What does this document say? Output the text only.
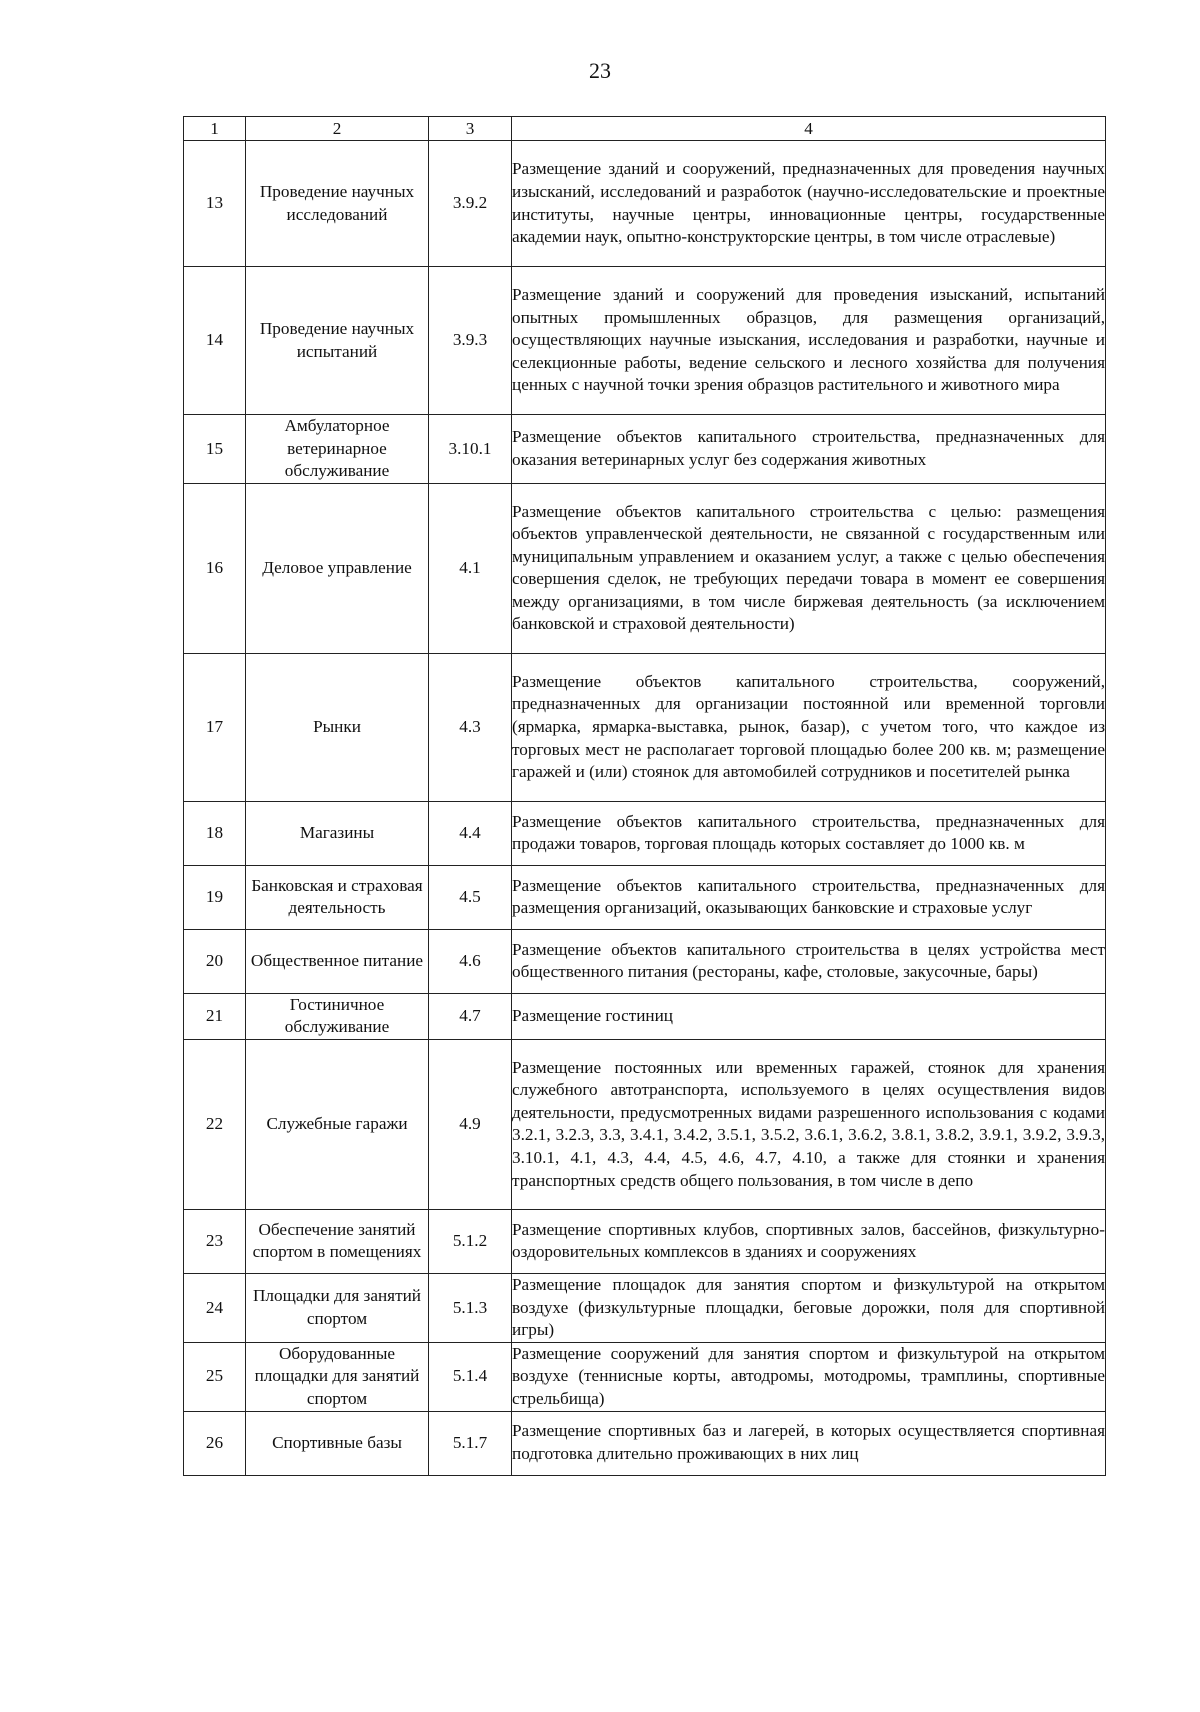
23
1	2	3	4
13	Проведение научных исследований	3.9.2	Размещение зданий и сооружений, предназначенных для проведения научных изысканий, исследований и разработок (научно-исследовательские и проектные институты, научные центры, инновационные центры, государственные академии наук, опытно-конструкторские центры, в том числе отраслевые)
14	Проведение научных испытаний	3.9.3	Размещение зданий и сооружений для проведения изысканий, испытаний опытных промышленных образцов, для размещения организаций, осуществляющих научные изыскания, исследования и разработки, научные и селекционные работы, ведение сельского и лесного хозяйства для получения ценных с научной точки зрения образцов растительного и животного мира
15	Амбулаторное ветеринарное обслуживание	3.10.1	Размещение объектов капитального строительства, предназначенных для оказания ветеринарных услуг без содержания животных
16	Деловое управление	4.1	Размещение объектов капитального строительства с целью: размещения объектов управленческой деятельности, не связанной с государственным или муниципальным управлением и оказанием услуг, а также с целью обеспечения совершения сделок, не требующих передачи товара в момент ее совершения между организациями, в том числе биржевая деятельность (за исключением банковской и страховой деятельности)
17	Рынки	4.3	Размещение объектов капитального строительства, сооружений, предназначенных для организации постоянной или временной торговли (ярмарка, ярмарка-выставка, рынок, базар), с учетом того, что каждое из торговых мест не располагает торговой площадью более 200 кв. м; размещение гаражей и (или) стоянок для автомобилей сотрудников и посетителей рынка
18	Магазины	4.4	Размещение объектов капитального строительства, предназначенных для продажи товаров, торговая площадь которых составляет до 1000 кв. м
19	Банковская и страховая деятельность	4.5	Размещение объектов капитального строительства, предназначенных для размещения организаций, оказывающих банковские и страховые услуг
20	Общественное питание	4.6	Размещение объектов капитального строительства в целях устройства мест общественного питания (рестораны, кафе, столовые, закусочные, бары)
21	Гостиничное обслуживание	4.7	Размещение гостиниц
22	Служебные гаражи	4.9	Размещение постоянных или временных гаражей, стоянок для хранения служебного автотранспорта, используемого в целях осуществления видов деятельности, предусмотренных видами разрешенного использования с кодами 3.2.1, 3.2.3, 3.3, 3.4.1, 3.4.2, 3.5.1, 3.5.2, 3.6.1, 3.6.2, 3.8.1, 3.8.2, 3.9.1, 3.9.2, 3.9.3, 3.10.1, 4.1, 4.3, 4.4, 4.5, 4.6, 4.7, 4.10, а также для стоянки и хранения транспортных средств общего пользования, в том числе в депо
23	Обеспечение занятий спортом в помещениях	5.1.2	Размещение спортивных клубов, спортивных залов, бассейнов, физкультурно-оздоровительных комплексов в зданиях и сооружениях
24	Площадки для занятий спортом	5.1.3	Размещение площадок для занятия спортом и физкультурой на открытом воздухе (физкультурные площадки, беговые дорожки, поля для спортивной игры)
25	Оборудованные площадки для занятий спортом	5.1.4	Размещение сооружений для занятия спортом и физкультурой на открытом воздухе (теннисные корты, автодромы, мотодромы, трамплины, спортивные стрельбища)
26	Спортивные базы	5.1.7	Размещение спортивных баз и лагерей, в которых осуществляется спортивная подготовка длительно проживающих в них лиц
